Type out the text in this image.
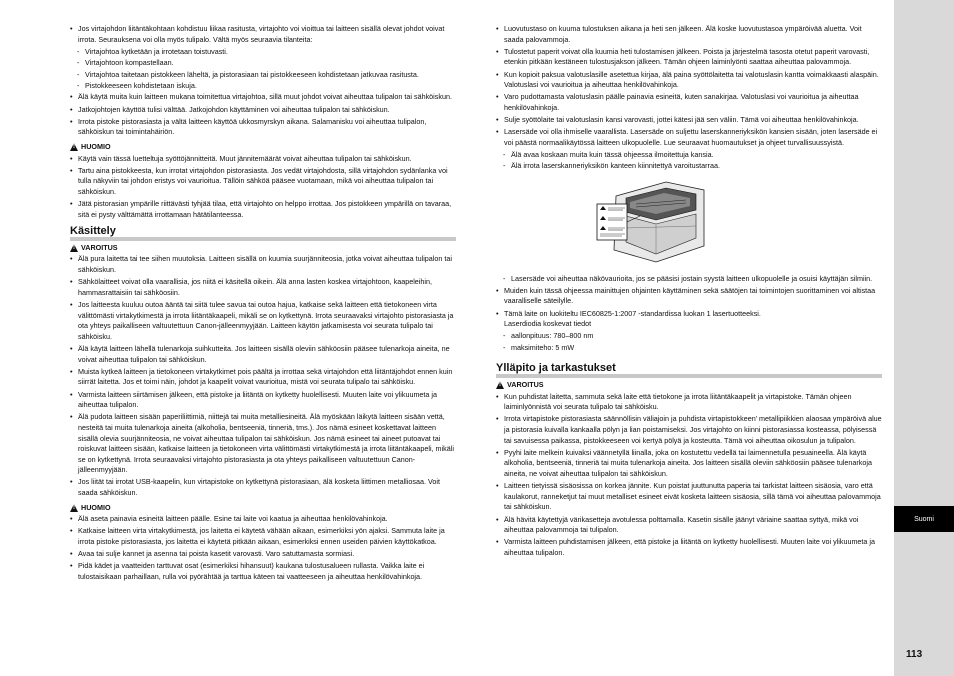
• Jos virtajohdon liitäntäkohtaan kohdistuu liikaa rasitusta, virtajohto voi vioittua tai laitteen sisällä olevat johdot voivat irrota. Seurauksena voi olla myös tulipalo. Vältä myös seuraavia tilanteita:
- Virtajohtoa kytketään ja irrotetaan toistuvasti.
- Virtajohtoon kompastellaan.
- Virtajohtoa taitetaan pistokkeen läheltä, ja pistorasiaan tai pistokkeeseen kohdistetaan jatkuvaa rasitusta.
- Pistokkeeseen kohdistetaan iskuja.
• Älä käytä muita kuin laitteen mukana toimitettua virtajohtoa, sillä muut johdot voivat aiheuttaa tulipalon tai sähköiskun.
• Jatkojohtojen käyttöä tulisi välttää. Jatkojohdon käyttäminen voi aiheuttaa tulipalon tai sähköiskun.
• Irrota pistoke pistorasiasta ja vältä laitteen käyttöä ukkosmyrskyn aikana. Salamanisku voi aiheuttaa tulipalon, sähköiskun tai toimintahäiriön.
! HUOMIO
• Käytä vain tässä luetteltuja syöttöjännitteitä. Muut jännitemäärät voivat aiheuttaa tulipalon tai sähköiskun.
• Tartu aina pistokkeesta, kun irrotat virtajohdon pistorasiasta. Jos vedät virtajohdosta, sillä virtajohdon sydänlanka voi tulla näkyviin tai johdon eristys voi vaurioitua. Tällöin sähköä pääsee vuotamaan, mikä voi aiheuttaa tulipalon tai sähköiskun.
• Jätä pistorasian ympärille riittävästi tyhjää tilaa, että virtajohto on helppo irrottaa. Jos pistokkeen ympärillä on tavaraa, sitä ei pysty välttämättä irrottamaan hätätilanteessa.
Käsittely
! VAROITUS
• Älä pura laitetta tai tee siihen muutoksia. Laitteen sisällä on kuumia suurjänniteosia, jotka voivat aiheuttaa tulipalon tai sähköiskun.
• Sähkölaitteet voivat olla vaarallisia, jos niitä ei käsitellä oikein. Älä anna lasten koskea virtajohtoon, kaapeleihin, hammasrattaisiin tai sähköosiin.
• Jos laitteesta kuuluu outoa ääntä tai siitä tulee savua tai outoa hajua, katkaise sekä laitteen että tietokoneen virta välittömästi virtakytkimestä ja irrota liitäntäkaapeli, mikäli se on kytkettynä. Irrota seuraavaksi virtajohto pistorasiasta ja ota yhteys paikalliseen valtuutettuun Canon-jälleenmyyjään. Laitteen käytön jatkamisesta voi seurata tulipalo tai sähköisku.
• Älä käytä laitteen lähellä tulenarkoja suihkutteita. Jos laitteen sisällä oleviin sähköosiin pääsee tulenarkoja aineita, ne voivat aiheuttaa tulipalon tai sähköiskun.
• Muista kytkeä laitteen ja tietokoneen virtakytkimet pois päältä ja irrottaa sekä virtajohdon että liitäntäjohdot ennen kuin siirrät laitetta. Jos et toimi näin, johdot ja kaapelit voivat vaurioitua, mistä voi seurata tulipalo tai sähköisku.
• Varmista laitteen siirtämisen jälkeen, että pistoke ja liitäntä on kytketty huolellisesti. Muuten laite voi ylikuumeta ja aiheuttaa tulipalon.
• Älä pudota laitteen sisään paperiliittimiä, niittejä tai muita metalliesineitä. Älä myöskään läikytä laitteen sisään vettä, nesteitä tai muita tulenarkoja aineita (alkoholia, bentseeniä, tinneriä, tms.). Jos nämä esineet koskettavat laitteen sisällä olevia suurjänniteosia, ne voivat aiheuttaa tulipalon tai sähköiskun. Jos nämä esineet tai aineet putoavat tai roiskuvat laitteen sisään, katkaise laitteen ja tietokoneen virta välittömästi virtakytkimestä ja irrota liitäntäkaapeli, mikäli se on kytkettynä. Irrota seuraavaksi virtajohto pistorasiasta ja ota yhteys paikalliseen valtuutettuun Canon-jälleenmyyjään.
• Jos liität tai irrotat USB-kaapelin, kun virtapistoke on kytkettynä pistorasiaan, älä kosketa liittimen metalliosaa. Voit saada sähköiskun.
! HUOMIO
• Älä aseta painavia esineitä laitteen päälle. Esine tai laite voi kaatua ja aiheuttaa henkilövahinkoja.
• Katkaise laitteen virta virtakytkimestä, jos laitetta ei käytetä vähään aikaan, esimerkiksi yön ajaksi. Sammuta laite ja irrota pistoke pistorasiasta, jos laitetta ei käytetä pitkään aikaan, esimerkiksi ennen useiden päivien käyttökatkoa.
• Avaa tai sulje kannet ja asenna tai poista kasetit varovasti. Varo satuttamasta sormiasi.
• Pidä kädet ja vaatteiden tarttuvat osat (esimerkiksi hihansuut) kaukana tulostusalueen rullasta. Vaikka laite ei tulostaisikaan parhaillaan, rulla voi pyörähtää ja tarttua käteen tai vaatteeseen ja aiheuttaa henkilövahinkoja.
• Luovutustaso on kuuma tulostuksen aikana ja heti sen jälkeen. Älä koske luovutustasoa ympäröivää aluetta. Voit saada palovammoja.
• Tulostetut paperit voivat olla kuumia heti tulostamisen jälkeen. Poista ja järjestelmä tasosta otetut paperit varovasti, etenkin pitkään kestäneen tulostusjakson jälkeen. Tämän ohjeen laiminlyönti saattaa aiheuttaa palovammoja.
• Kun kopioit paksua valotuslasille asetettua kirjaa, älä paina syöttölaitetta tai valotuslasin kantta voimakkaasti alaspäin. Valotuslasi voi vaurioitua ja aiheuttaa henkilövahinkoja.
• Varo pudottamasta valotuslasin päälle painavia esineitä, kuten sanakirjaa. Valotuslasi voi vaurioitua ja aiheuttaa henkilövahinkoja.
• Sulje syöttölaite tai valotuslasin kansi varovasti, jottei kätesi jää sen väliin. Tämä voi aiheuttaa henkilövahinkoja.
• Lasersäde voi olla ihmiselle vaarallista. Lasersäde on suljettu laserskanneriyksikön kansien sisään, joten lasersäde ei voi päästä normaalikäytössä laitteen ulkopuolelle. Lue seuraavat huomautukset ja ohjeet turvallisuussyistä.
- Älä avaa koskaan muita kuin tässä ohjeessa ilmoitettuja kansia.
- Älä irrota laserskanneriyksikön kanteen kiinnitettyä varoitustarraa.
- Lasersäde voi aiheuttaa näkövaurioita, jos se pääsisi jostain syystä laitteen ulkopuolelle ja osuisi käyttäjän silmiin.
• Muiden kuin tässä ohjeessa mainittujen ohjainten käyttäminen sekä säätöjen tai toimintojen suorittaminen voi altistaa vaaralliselle säteilylle.
• Tämä laite on luokiteltu IEC60825-1:2007 -standardissa luokan 1 lasertuotteeksi.
Laserdiodia koskevat tiedot
- aallonpituus: 780–800 nm
- maksimiteho: 5 mW
Ylläpito ja tarkastukset
! VAROITUS
• Kun puhdistat laitetta, sammuta sekä laite että tietokone ja irrota liitäntäkaapelit ja virtapistoke. Tämän ohjeen laiminlyönnistä voi seurata tulipalo tai sähköisku.
• Irrota virtapistoke pistorasiasta säännöllisin väliajoin ja puhdista virtapistokkeen’ metallipiikkien alaosaa ympäröivä alue ja pistorasia kuivalla kankaalla pölyn ja lian poistamiseksi. Jos virtajohto on kiinni pistorasiassa kosteassa, pölyisessä tai savuisessa paikassa, pistokkeeseen voi kertyä pölyä ja kosteutta. Tämä voi aiheuttaa oikosulun ja tulipalon.
• Pyyhi laite melkein kuivaksi väännetyllä liinalla, joka on kostutettu vedellä tai laimennetulla pesuaineella. Älä käytä alkoholia, bentseeniä, tinneriä tai muita tulenarkoja aineita. Jos laitteen sisällä oleviin sähköosiin pääsee tulenarkoja aineita, ne voivat aiheuttaa tulipalon tai sähköiskun.
• Laitteen tietyissä sisäosissa on korkea jännite. Kun poistat juuttunutta paperia tai tarkistat laitteen sisäosia, varo että kaulakorut, ranneketjut tai muut metalliset esineet eivät kosketa laitteen sisäosia, sillä tämä voi aiheuttaa palovammoja tai sähköiskun.
• Älä hävitä käytettyjä värikasetteja avotulessa polttamalla. Kasetin sisälle jäänyt väriaine saattaa syttyä, mikä voi aiheuttaa palovammoja tai tulipalon.
• Varmista laitteen puhdistamisen jälkeen, että pistoke ja liitäntä on kytketty huolellisesti. Muuten laite voi ylikuumeta ja aiheuttaa tulipalon.
Suomi
113
